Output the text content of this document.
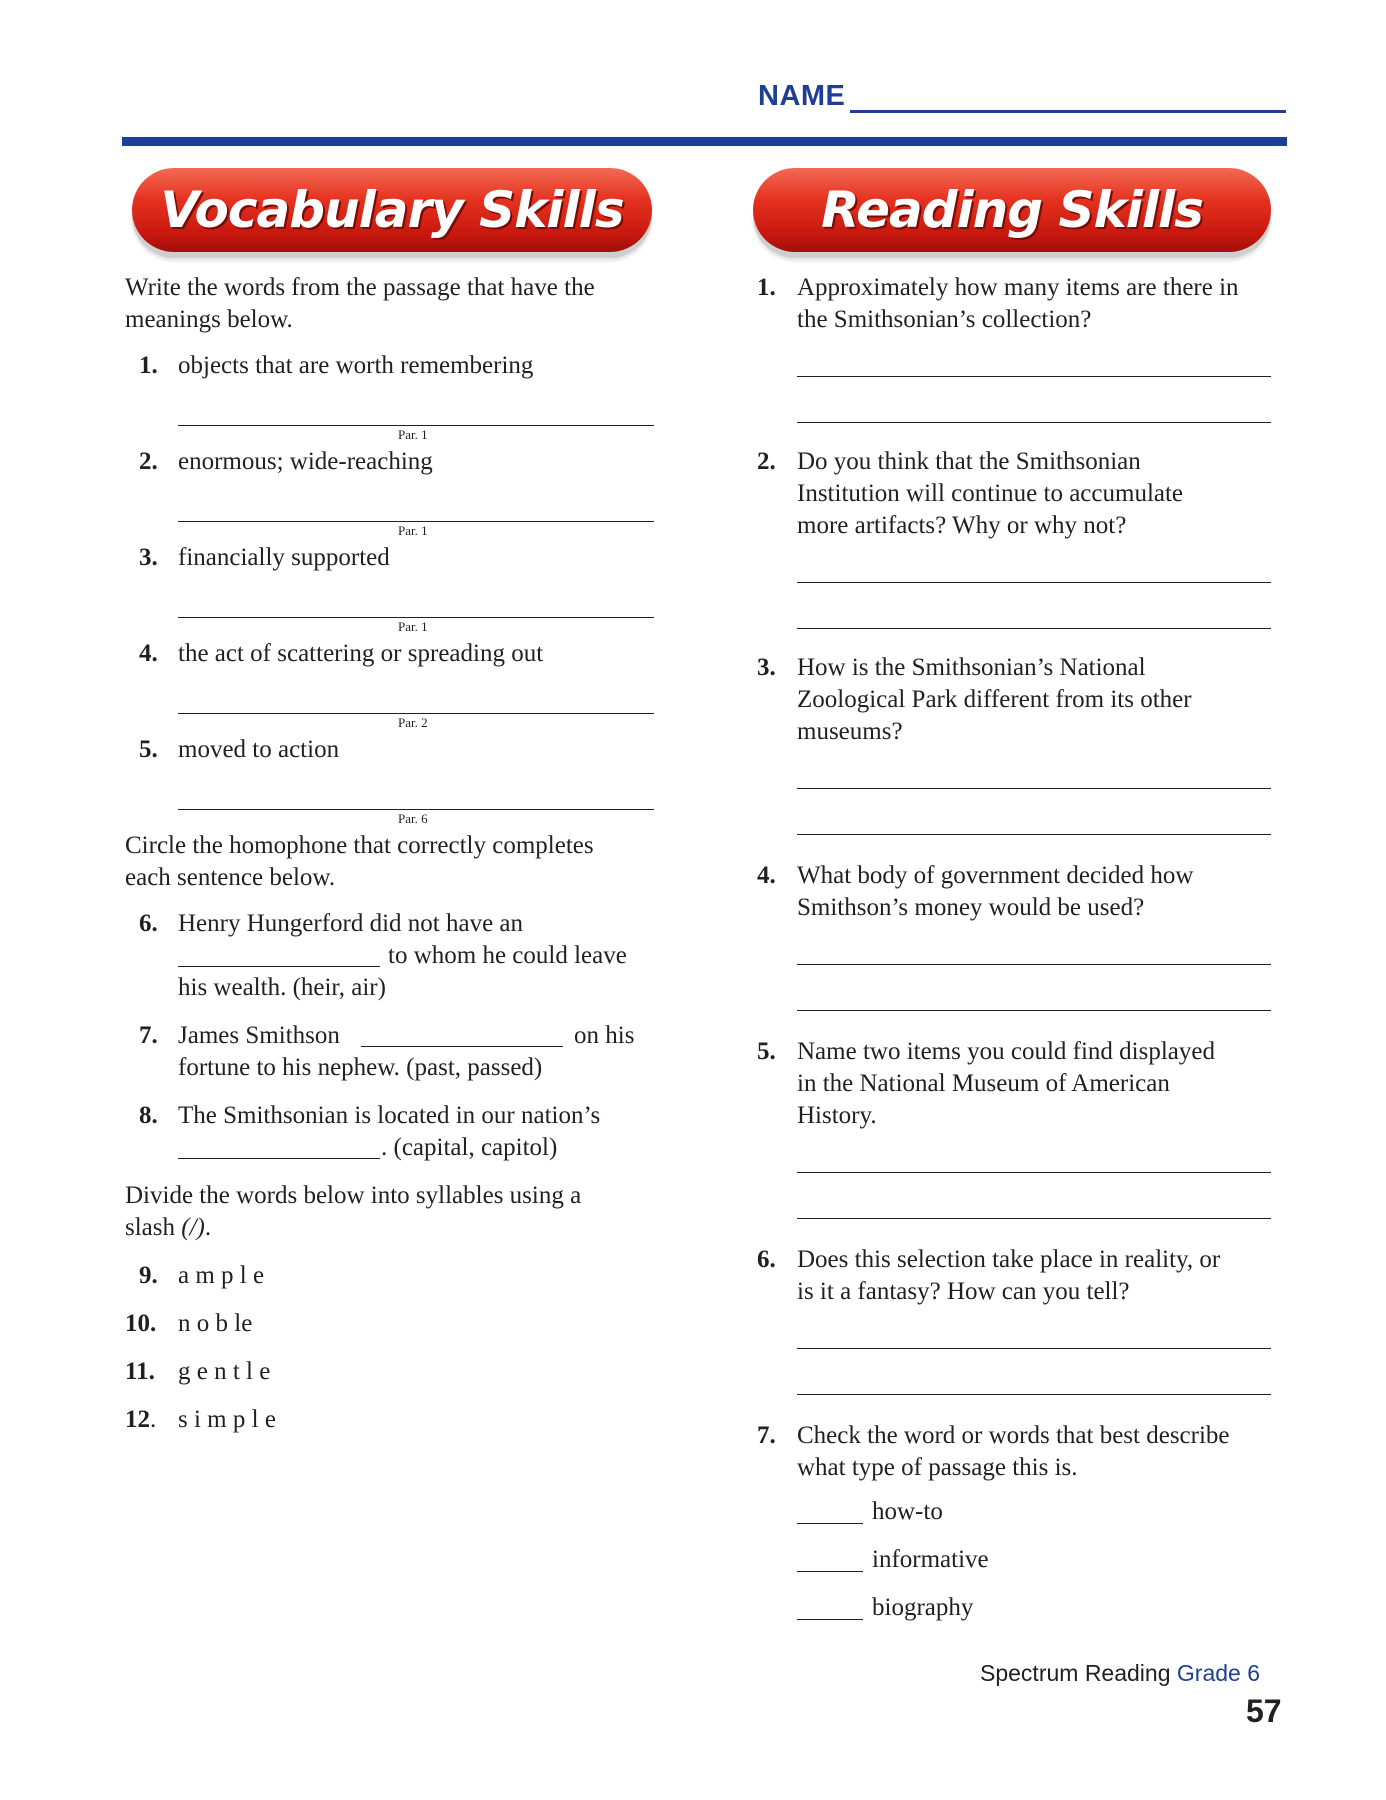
NAME
Vocabulary Skills	Reading Skills
Write the words from the passage that have the
meanings below.
1. objects that are worth remembering
Par. 1
2. enormous; wide-reaching
Par. 1
3. financially supported
Par. 1
4. the act of scattering or spreading out
Par. 2
5. moved to action
Par. 6
Circle the homophone that correctly completes
each sentence below.
6. Henry Hungerford did not have an
to whom he could leave
his wealth. (heir, air)
7. James Smithson	on his
fortune to his nephew. (past, passed)
8. The Smithsonian is located in our nation’s
. (capital, capitol)
Divide the words below into syllables using a
slash (/).
9. a m p l e
10. n o b le
11. g e n t l e
12. s i m p l e
1. Approximately how many items are there in
the Smithsonian’s collection?
2. Do you think that the Smithsonian
Institution will continue to accumulate
more artifacts? Why or why not?
3. How is the Smithsonian’s National
Zoological Park different from its other
museums?
4. What body of government decided how
Smithson’s money would be used?
5. Name two items you could find displayed
in the National Museum of American
History.
6. Does this selection take place in reality, or
is it a fantasy? How can you tell?
7. Check the word or words that best describe
what type of passage this is.
how-to
informative
biography
Spectrum Reading Grade 6
57
